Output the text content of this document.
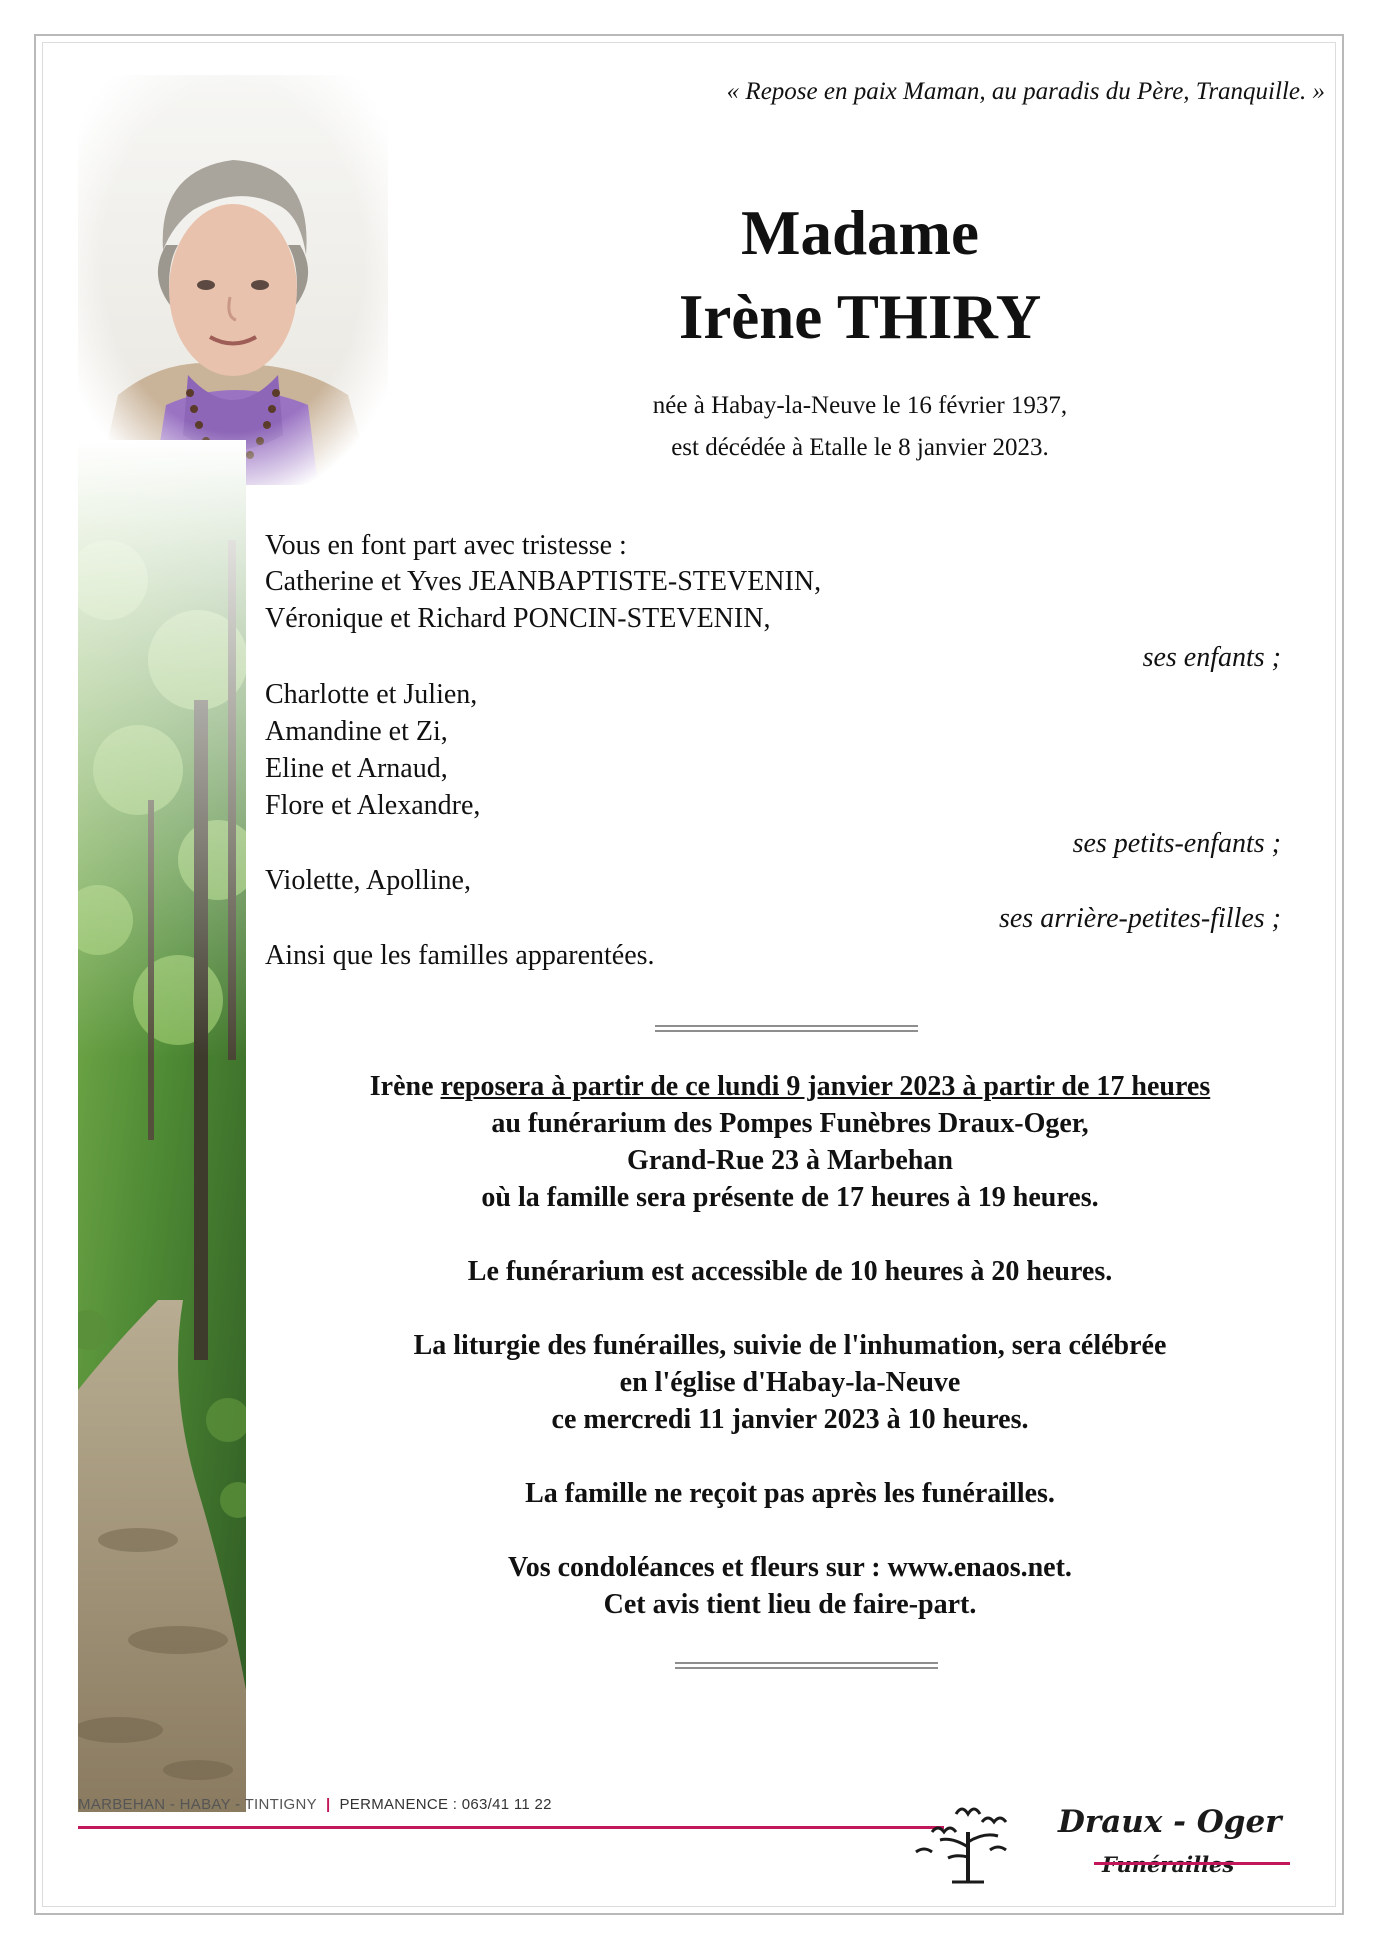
« Repose en paix Maman, au paradis du Père, Tranquille. »
Madame
Irène THIRY
née à Habay-la-Neuve le 16 février 1937,
est décédée à Etalle le 8 janvier 2023.
Vous en font part avec tristesse :
Catherine et Yves JEANBAPTISTE-STEVENIN,
Véronique et Richard PONCIN-STEVENIN,
ses enfants ;
Charlotte et Julien,
Amandine et Zi,
Eline et Arnaud,
Flore et Alexandre,
ses petits-enfants ;
Violette, Apolline,
ses arrière-petites-filles ;
Ainsi que les familles apparentées.
Irène reposera à partir de ce lundi 9 janvier 2023 à partir de 17 heures
au funérarium des Pompes Funèbres Draux-Oger,
Grand-Rue 23 à Marbehan
où la famille sera présente de 17 heures à 19 heures.
Le funérarium est accessible de 10 heures à 20 heures.
La liturgie des funérailles, suivie de l'inhumation, sera célébrée
en l'église d'Habay-la-Neuve
ce mercredi 11 janvier 2023 à 10 heures.
La famille ne reçoit pas après les funérailles.
Vos condoléances et fleurs sur : www.enaos.net.
Cet avis tient lieu de faire-part.
MARBEHAN - HABAY - TINTIGNY | PERMANENCE : 063/41 11 22	Draux - Oger
